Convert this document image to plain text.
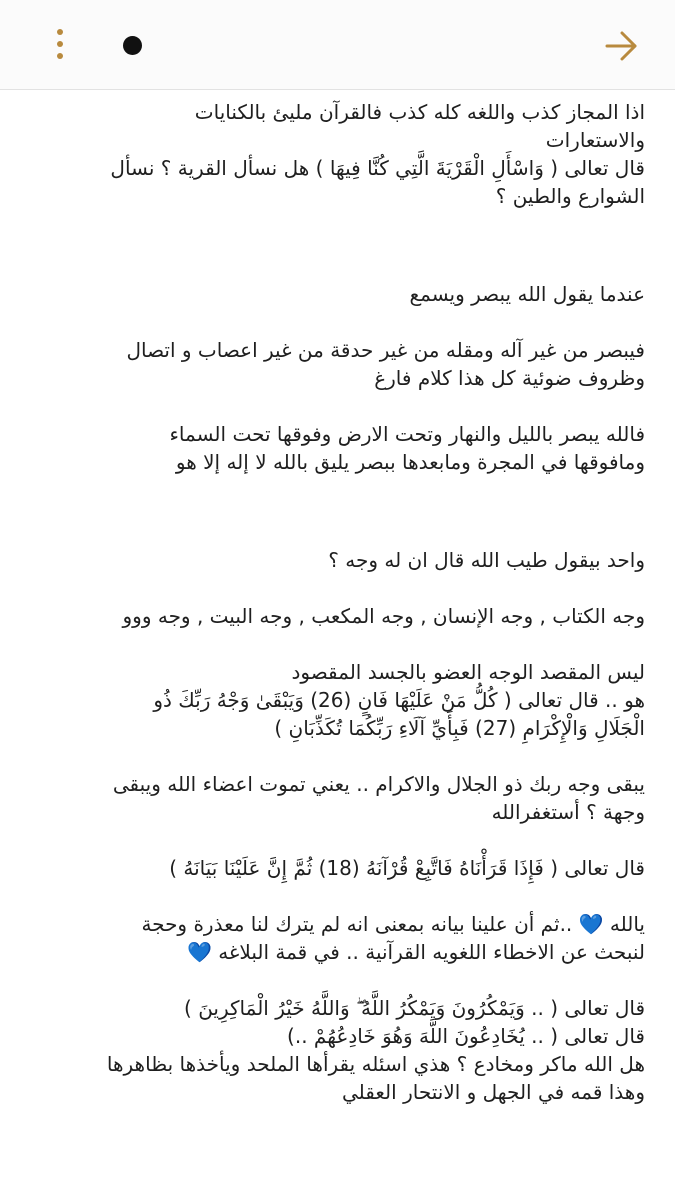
اذا المجاز كذب واللغه كله كذب فالقرآن مليئ بالكنايات
والاستعارات
قال تعالى ( وَاسْأَلِ الْقَرْيَةَ الَّتِي كُنَّا فِيهَا ) هل نسأل القرية ؟ نسأل
الشوارع والطين ؟

عندما يقول الله يبصر ويسمع

فيبصر من غير آله ومقله من غير حدقة من غير اعصاب و اتصال
وظروف ضوئية كل هذا كلام فارغ

فالله يبصر بالليل والنهار وتحت الارض وفوقها تحت السماء
ومافوقها في المجرة ومابعدها ببصر يليق بالله لا إله إلا هو

واحد بيقول طيب الله قال ان له وجه ؟

وجه الكتاب , وجه الإنسان , وجه المكعب , وجه البيت , وجه ووو

ليس المقصد الوجه العضو بالجسد المقصود
هو .. قال تعالى ( كُلُّ مَنْ عَلَيْهَا فَانٍ (26) وَيَبْقَىٰ وَجْهُ رَبِّكَ ذُو
الْجَلَالِ وَالْإِكْرَامِ (27) فَبِأَيِّ آلَاءِ رَبِّكُمَا تُكَذِّبَانِ )

يبقى وجه ربك ذو الجلال والاكرام .. يعني تموت اعضاء الله ويبقى
وجهة ؟ أستغفرالله

قال تعالى ( فَإِذَا قَرَأْنَاهُ فَاتَّبِعْ قُرْآنَهُ (18) ثُمَّ إِنَّ عَلَيْنَا بَيَانَهُ )

يالله 💙 ..ثم أن علينا بيانه بمعنى انه لم يترك لنا معذرة وحجة
لنبحث عن الاخطاء اللغويه القرآنية .. في قمة البلاغه 💙

قال تعالى ( .. وَيَمْكُرُونَ وَيَمْكُرُ اللَّهُ ۖ وَاللَّهُ خَيْرُ الْمَاكِرِينَ )
قال تعالى ( .. يُخَادِعُونَ اللَّهَ وَهُوَ خَادِعُهُمْ ..)
هل الله ماكر ومخادع ؟ هذي اسئله يقرأها الملحد ويأخذها بظاهرها
وهذا قمه في الجهل و الانتحار العقلي
